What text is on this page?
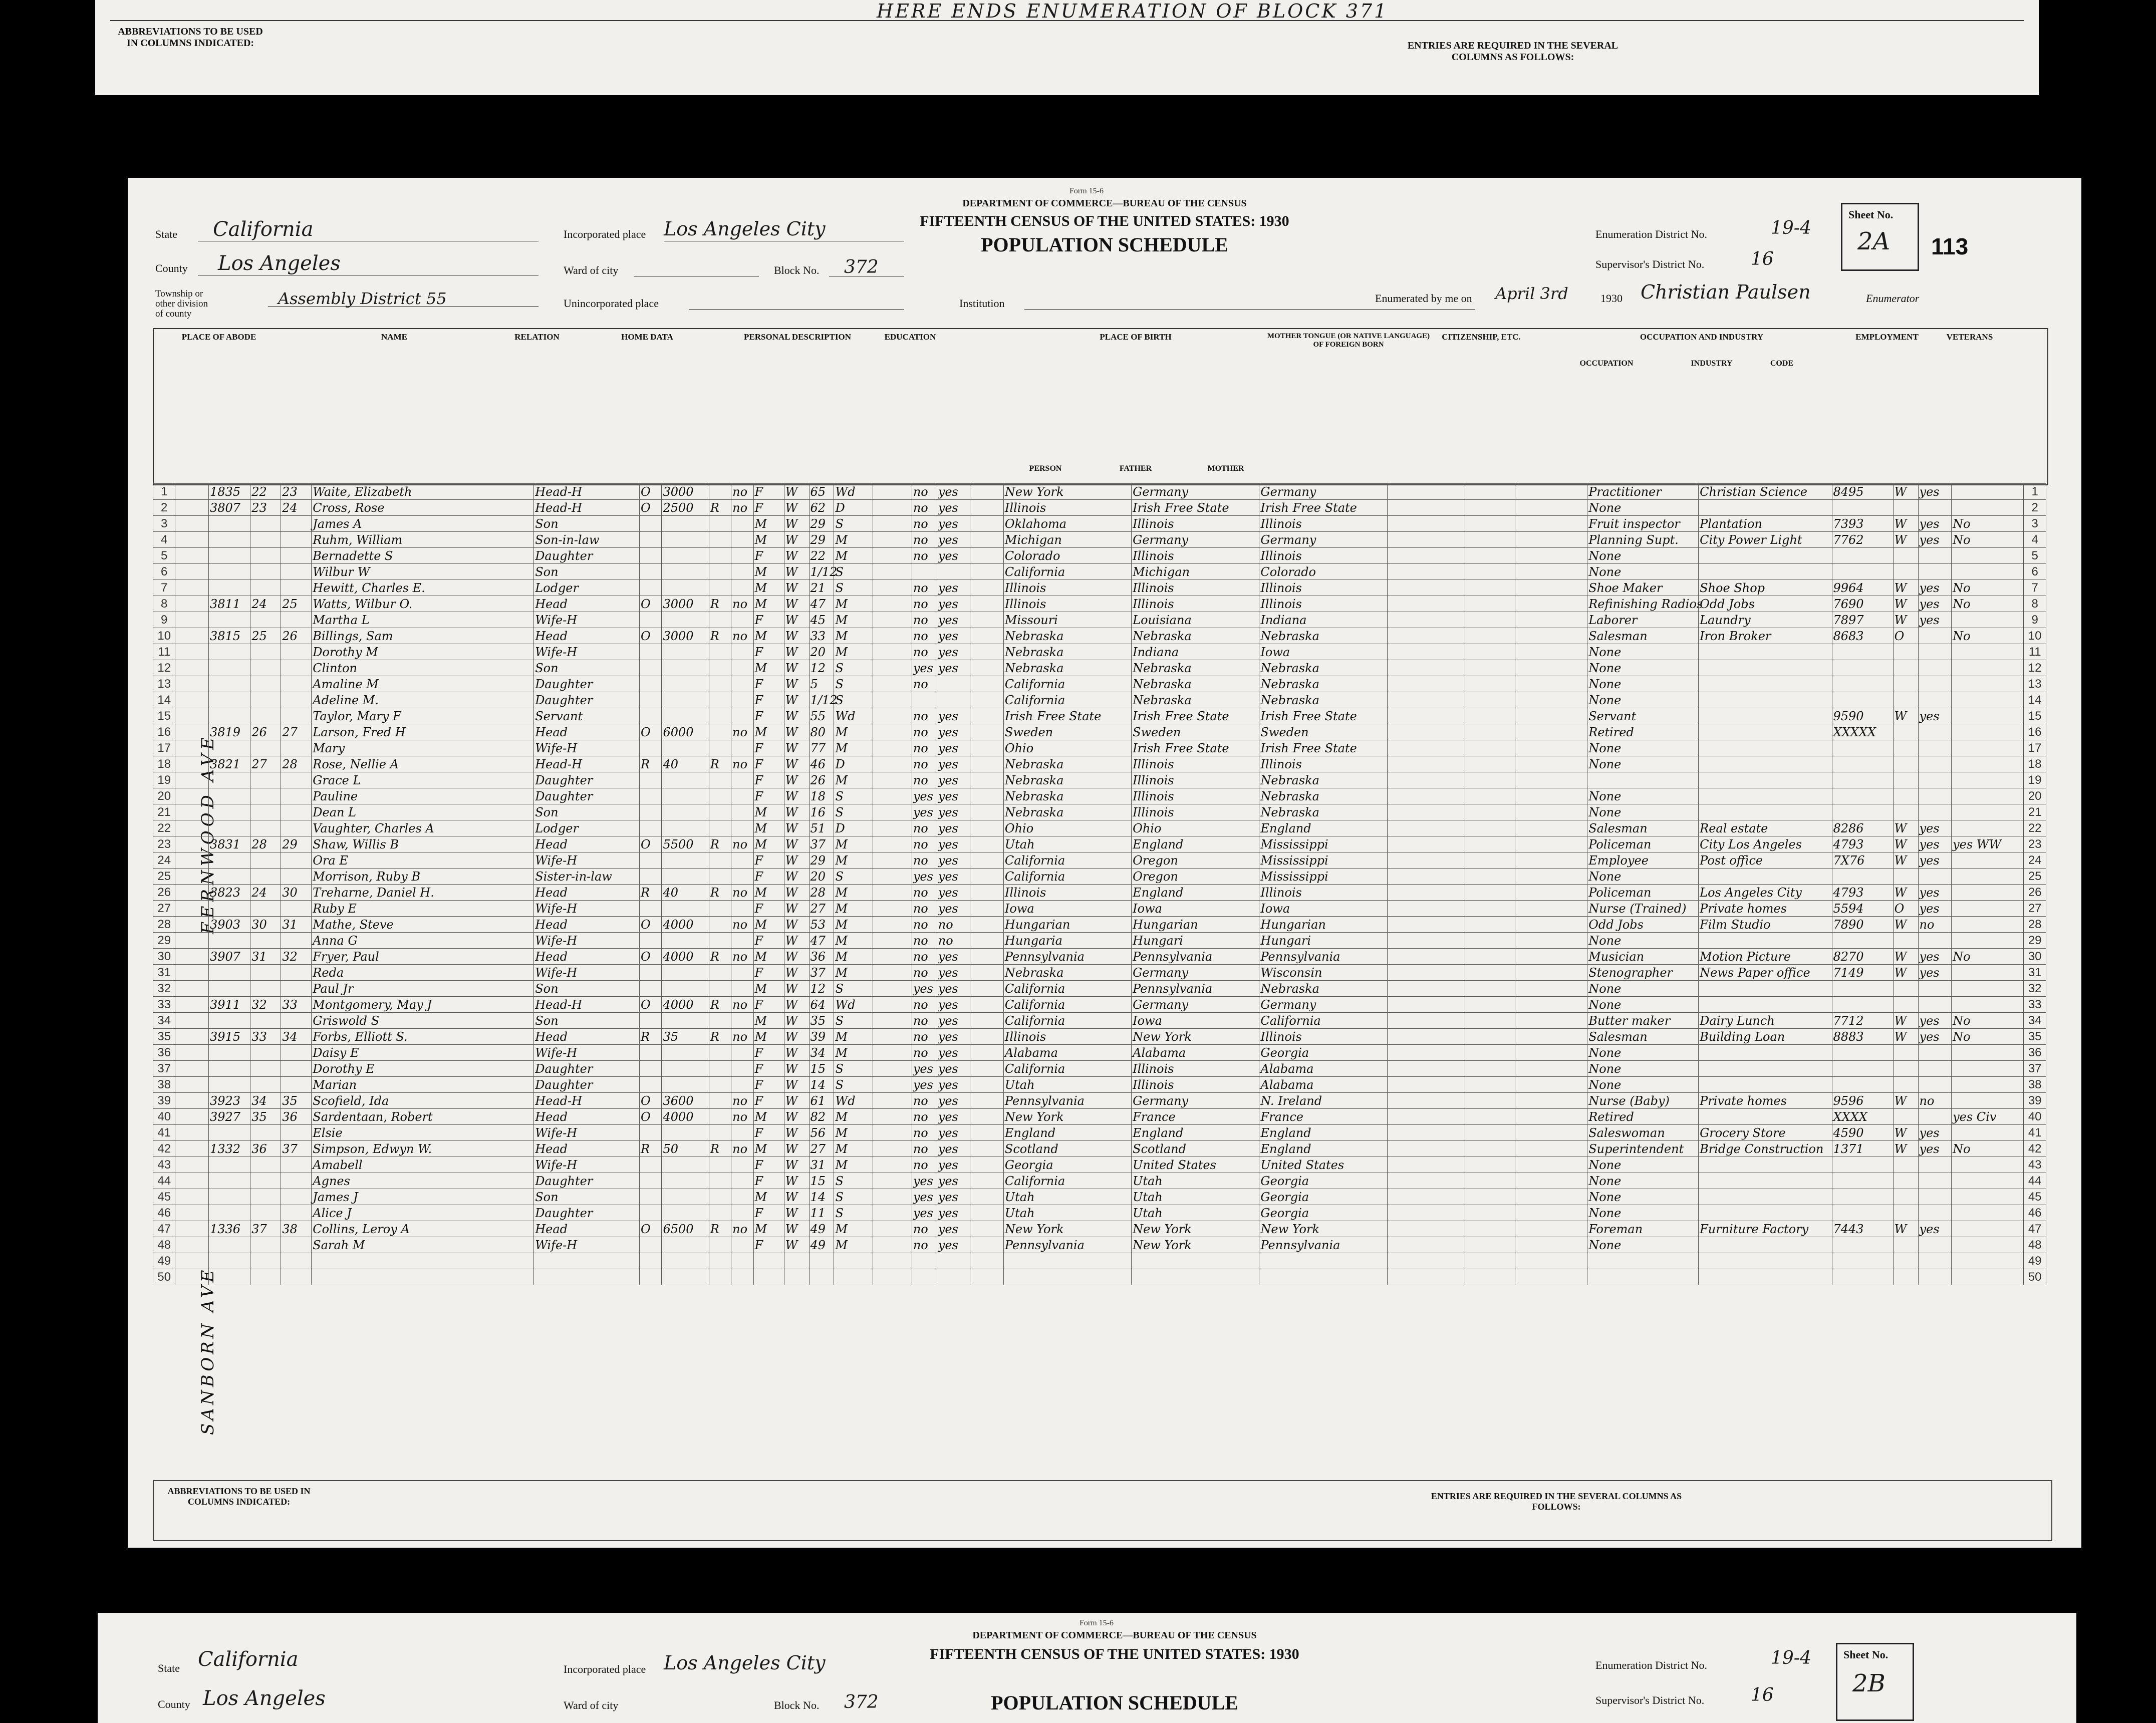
HERE ENDS ENUMERATION OF BLOCK 371
ABBREVIATIONS TO BE USED IN COLUMNS INDICATED:	ENTRIES ARE REQUIRED IN THE SEVERAL COLUMNS AS FOLLOWS:
Form 15-6
DEPARTMENT OF COMMERCE—BUREAU OF THE CENSUS
FIFTEENTH CENSUS OF THE UNITED STATES: 1930
POPULATION SCHEDULE
State California
County Los Angeles
Township or other division of county
Assembly District 55
Incorporated place Los Angeles City
Ward of city	Block No. 372
Unincorporated place	Institution
Enumeration District No.	19-4
Supervisor's District No.	16
Sheet No.
2A 113
Enumerated by me on April 3rd	1930 Christian Paulsen	Enumerator
PLACE OF ABODE	NAME	RELATION	HOME DATA	PERSONAL DESCRIPTION	EDUCATION	PLACE OF BIRTH	MOTHER TONGUE (OR NATIVE LANGUAGE) OF FOREIGN BORN
CITIZENSHIP, ETC.	OCCUPATION AND INDUSTRY	EMPLOYMENT	VETERANS
PERSON	FATHER	MOTHER
OCCUPATION	INDUSTRY	CODE
FERNWOOD AVE
SANBORN AVE
1		1835	22	23	Waite, Elizabeth	Head-H	O	3000		no	F	W	65	Wd		no	yes		New York	Germany	Germany				Practitioner	Christian Science	8495	W	yes		1
2		3807	23	24	Cross, Rose	Head-H	O	2500	R	no	F	W	62	D		no	yes		Illinois	Irish Free State	Irish Free State				None						2
3					James A	Son					M	W	29	S		no	yes		Oklahoma	Illinois	Illinois				Fruit inspector	Plantation	7393	W	yes	No	3
4					Ruhm, William	Son-in-law					M	W	29	M		no	yes		Michigan	Germany	Germany				Planning Supt.	City Power Light	7762	W	yes	No	4
5					Bernadette S	Daughter					F	W	22	M		no	yes		Colorado	Illinois	Illinois				None						5
6					Wilbur W	Son					M	W	1/12	S					California	Michigan	Colorado				None						6
7					Hewitt, Charles E.	Lodger					M	W	21	S		no	yes		Illinois	Illinois	Illinois				Shoe Maker	Shoe Shop	9964	W	yes	No	7
8		3811	24	25	Watts, Wilbur O.	Head	O	3000	R	no	M	W	47	M		no	yes		Illinois	Illinois	Illinois				Refinishing Radios	Odd Jobs	7690	W	yes	No	8
9					Martha L	Wife-H					F	W	45	M		no	yes		Missouri	Louisiana	Indiana				Laborer	Laundry	7897	W	yes		9
10		3815	25	26	Billings, Sam	Head	O	3000	R	no	M	W	33	M		no	yes		Nebraska	Nebraska	Nebraska				Salesman	Iron Broker	8683	O		No	10
11					Dorothy M	Wife-H					F	W	20	M		no	yes		Nebraska	Indiana	Iowa				None						11
12					Clinton	Son					M	W	12	S		yes	yes		Nebraska	Nebraska	Nebraska				None						12
13					Amaline M	Daughter					F	W	5	S		no			California	Nebraska	Nebraska				None						13
14					Adeline M.	Daughter					F	W	1/12	S					California	Nebraska	Nebraska				None						14
15					Taylor, Mary F	Servant					F	W	55	Wd		no	yes		Irish Free State	Irish Free State	Irish Free State				Servant		9590	W	yes		15
16		3819	26	27	Larson, Fred H	Head	O	6000		no	M	W	80	M		no	yes		Sweden	Sweden	Sweden				Retired		XXXXX				16
17					Mary	Wife-H					F	W	77	M		no	yes		Ohio	Irish Free State	Irish Free State				None						17
18		3821	27	28	Rose, Nellie A	Head-H	R	40	R	no	F	W	46	D		no	yes		Nebraska	Illinois	Illinois				None						18
19					Grace L	Daughter					F	W	26	M		no	yes		Nebraska	Illinois	Nebraska										19
20					Pauline	Daughter					F	W	18	S		yes	yes		Nebraska	Illinois	Nebraska				None						20
21					Dean L	Son					M	W	16	S		yes	yes		Nebraska	Illinois	Nebraska				None						21
22					Vaughter, Charles A	Lodger					M	W	51	D		no	yes		Ohio	Ohio	England				Salesman	Real estate	8286	W	yes		22
23		3831	28	29	Shaw, Willis B	Head	O	5500	R	no	M	W	37	M		no	yes		Utah	England	Mississippi				Policeman	City Los Angeles	4793	W	yes	yes WW	23
24					Ora E	Wife-H					F	W	29	M		no	yes		California	Oregon	Mississippi				Employee	Post office	7X76	W	yes		24
25					Morrison, Ruby B	Sister-in-law					F	W	20	S		yes	yes		California	Oregon	Mississippi				None						25
26		3823	24	30	Treharne, Daniel H.	Head	R	40	R	no	M	W	28	M		no	yes		Illinois	England	Illinois				Policeman	Los Angeles City	4793	W	yes		26
27					Ruby E	Wife-H					F	W	27	M		no	yes		Iowa	Iowa	Iowa				Nurse (Trained)	Private homes	5594	O	yes		27
28		3903	30	31	Mathe, Steve	Head	O	4000		no	M	W	53	M		no	no		Hungarian	Hungarian	Hungarian				Odd Jobs	Film Studio	7890	W	no		28
29					Anna G	Wife-H					F	W	47	M		no	no		Hungaria	Hungari	Hungari				None						29
30		3907	31	32	Fryer, Paul	Head	O	4000	R	no	M	W	36	M		no	yes		Pennsylvania	Pennsylvania	Pennsylvania				Musician	Motion Picture	8270	W	yes	No	30
31					Reda	Wife-H					F	W	37	M		no	yes		Nebraska	Germany	Wisconsin				Stenographer	News Paper office	7149	W	yes		31
32					Paul Jr	Son					M	W	12	S		yes	yes		California	Pennsylvania	Nebraska				None						32
33		3911	32	33	Montgomery, May J	Head-H	O	4000	R	no	F	W	64	Wd		no	yes		California	Germany	Germany				None						33
34					Griswold S	Son					M	W	35	S		no	yes		California	Iowa	California				Butter maker	Dairy Lunch	7712	W	yes	No	34
35		3915	33	34	Forbs, Elliott S.	Head	R	35	R	no	M	W	39	M		no	yes		Illinois	New York	Illinois				Salesman	Building Loan	8883	W	yes	No	35
36					Daisy E	Wife-H					F	W	34	M		no	yes		Alabama	Alabama	Georgia				None						36
37					Dorothy E	Daughter					F	W	15	S		yes	yes		California	Illinois	Alabama				None						37
38					Marian	Daughter					F	W	14	S		yes	yes		Utah	Illinois	Alabama				None						38
39		3923	34	35	Scofield, Ida	Head-H	O	3600		no	F	W	61	Wd		no	yes		Pennsylvania	Germany	N. Ireland				Nurse (Baby)	Private homes	9596	W	no		39
40		3927	35	36	Sardentaan, Robert	Head	O	4000		no	M	W	82	M		no	yes		New York	France	France				Retired		XXXX			yes Civ	40
41					Elsie	Wife-H					F	W	56	M		no	yes		England	England	England				Saleswoman	Grocery Store	4590	W	yes		41
42		1332	36	37	Simpson, Edwyn W.	Head	R	50	R	no	M	W	27	M		no	yes		Scotland	Scotland	England				Superintendent	Bridge Construction	1371	W	yes	No	42
43					Amabell	Wife-H					F	W	31	M		no	yes		Georgia	United States	United States				None						43
44					Agnes	Daughter					F	W	15	S		yes	yes		California	Utah	Georgia				None						44
45					James J	Son					M	W	14	S		yes	yes		Utah	Utah	Georgia				None						45
46					Alice J	Daughter					F	W	11	S		yes	yes		Utah	Utah	Georgia				None						46
47		1336	37	38	Collins, Leroy A	Head	O	6500	R	no	M	W	49	M		no	yes		New York	New York	New York				Foreman	Furniture Factory	7443	W	yes		47
48					Sarah M	Wife-H					F	W	49	M		no	yes		Pennsylvania	New York	Pennsylvania				None						48
49																															49
50																															50
ABBREVIATIONS TO BE USED IN COLUMNS INDICATED:
ENTRIES ARE REQUIRED IN THE SEVERAL COLUMNS AS FOLLOWS:
State California
County Los Angeles
Incorporated place Los Angeles City
Ward of city	Block No. 372
Form 15-6
DEPARTMENT OF COMMERCE—BUREAU OF THE CENSUS
FIFTEENTH CENSUS OF THE UNITED STATES: 1930
POPULATION SCHEDULE
Enumeration District No.	19-4
Supervisor's District No.	16
Sheet No.
2B
